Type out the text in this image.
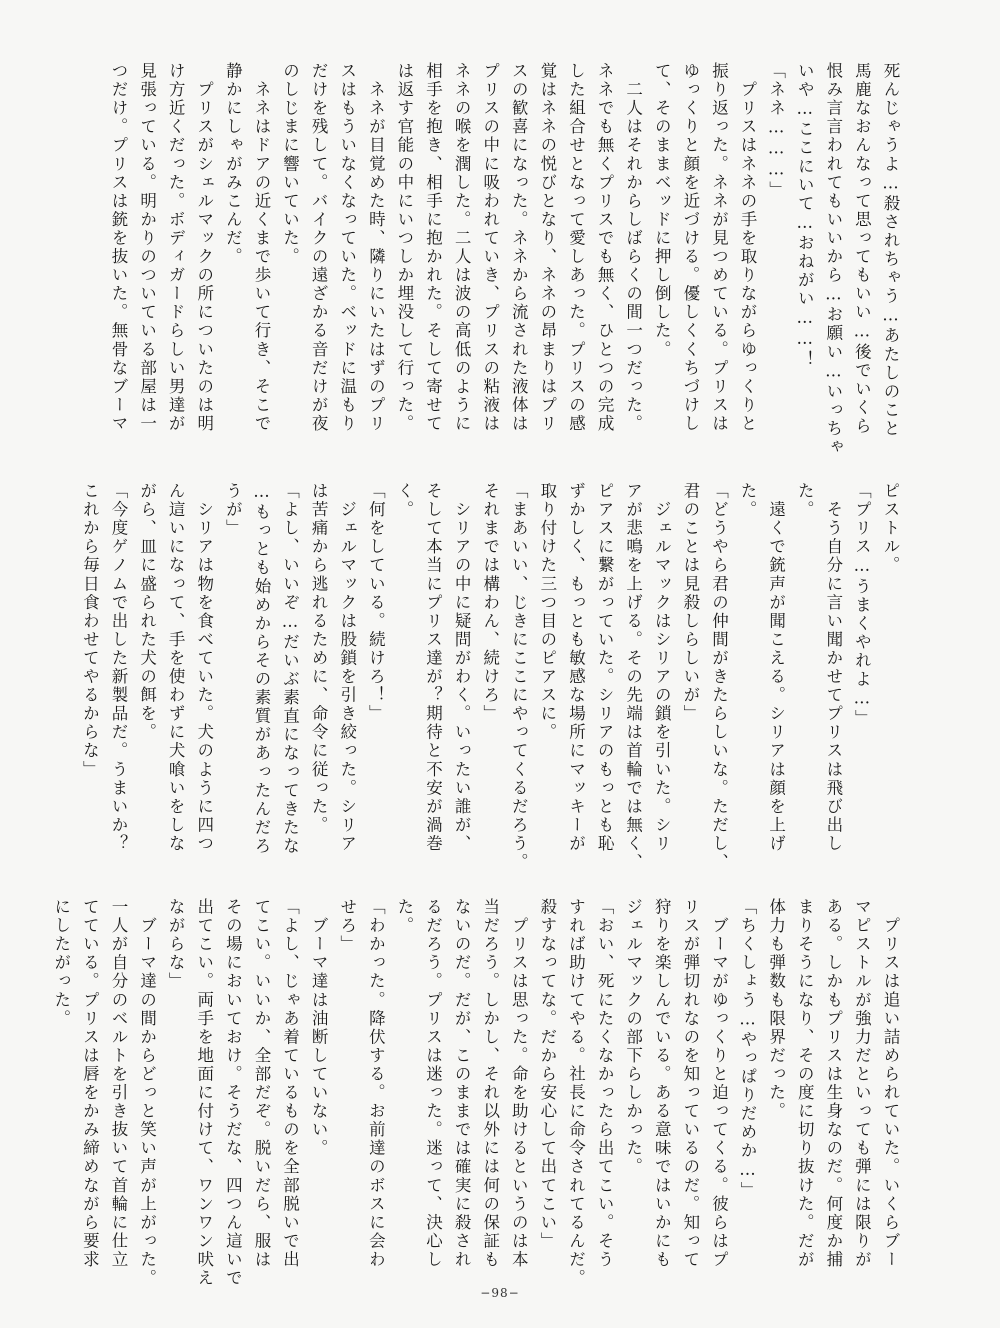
死んじゃうよ…殺されちゃう…あたしのこと
馬鹿なおんなって思ってもいい…後でいくら
恨み言言われてもいいから…お願い…いっちゃ
いや…ここにいて…おねがい……！
「ネネ………」

　プリスはネネの手を取りながらゆっくりと
振り返った。ネネが見つめている。プリスは
ゆっくりと顔を近づける。優しくくちづけし
て、そのままベッドに押し倒した。

　二人はそれからしばらくの間一つだった。
ネネでも無くプリスでも無く、ひとつの完成
した組合せとなって愛しあった。プリスの感
覚はネネの悦びとなり、ネネの昂まりはプリ
スの歓喜になった。ネネから流された液体は
プリスの中に吸われていき、プリスの粘液は
ネネの喉を潤した。二人は波の高低のように
相手を抱き、相手に抱かれた。そして寄せて
は返す官能の中にいつしか埋没して行った。

　ネネが目覚めた時、隣りにいたはずのプリ
スはもういなくなっていた。ベッドに温もり
だけを残して。バイクの遠ざかる音だけが夜
のしじまに響いていた。
　ネネはドアの近くまで歩いて行き、そこで
静かにしゃがみこんだ。

　プリスがシェルマックの所についたのは明
け方近くだった。ボディガードらしい男達が
見張っている。明かりのついている部屋は一
つだけ。プリスは銃を抜いた。無骨なブーマ

ピストル。
「プリス…うまくやれよ…」
　そう自分に言い聞かせてプリスは飛び出し
た。

　遠くで銃声が聞こえる。シリアは顔を上げ
た。
「どうやら君の仲間がきたらしいな。ただし、
君のことは見殺しらしいが」

　ジェルマックはシリアの鎖を引いた。シリ
アが悲鳴を上げる。その先端は首輪では無く、
ピアスに繋がっていた。シリアのもっとも恥
ずかしく、もっとも敏感な場所にマッキーが
取り付けた三つ目のピアスに。
「まあいい、じきにここにやってくるだろう。
それまでは構わん、続けろ」
　シリアの中に疑問がわく。いったい誰が、
そして本当にプリス達が？期待と不安が渦巻
く。

「何をしている。続けろ！」
　ジェルマックは股鎖を引き絞った。シリア
は苦痛から逃れるために、命令に従った。
「よし、いいぞ…だいぶ素直になってきたな
…もっとも始めからその素質があったんだろ
うが」
　シリアは物を食べていた。犬のように四つ
ん這いになって、手を使わずに犬喰いをしな
がら、皿に盛られた犬の餌を。
「今度ゲノムで出した新製品だ。うまいか？
これから毎日食わせてやるからな」

　プリスは追い詰められていた。いくらブー
マピストルが強力だといっても弾には限りが
ある。しかもプリスは生身なのだ。何度か捕
まりそうになり、その度に切り抜けた。だが
体力も弾数も限界だった。
「ちくしょう…やっぱりだめか…」
　ブーマがゆっくりと迫ってくる。彼らはプ
リスが弾切れなのを知っているのだ。知って
狩りを楽しんでいる。ある意味ではいかにも
ジェルマックの部下らしかった。

「おい、死にたくなかったら出てこい。そう
すれば助けてやる。社長に命令されてるんだ。
殺すなってな。だから安心して出てこい」
　プリスは思った。命を助けるというのは本
当だろう。しかし、それ以外には何の保証も
ないのだ。だが、このままでは確実に殺され
るだろう。プリスは迷った。迷って、決心し
た。

「わかった。降伏する。お前達のボスに会わ
せろ」
　ブーマ達は油断していない。
「よし、じゃあ着ているものを全部脱いで出
てこい。いいか、全部だぞ。脱いだら、服は
その場においておけ。そうだな、四つん這いで
出てこい。両手を地面に付けて、ワンワン吠え
ながらな」
　ブーマ達の間からどっと笑い声が上がった。
一人が自分のベルトを引き抜いて首輪に仕立
てている。プリスは唇をかみ締めながら要求
にしたがった。

−98−
